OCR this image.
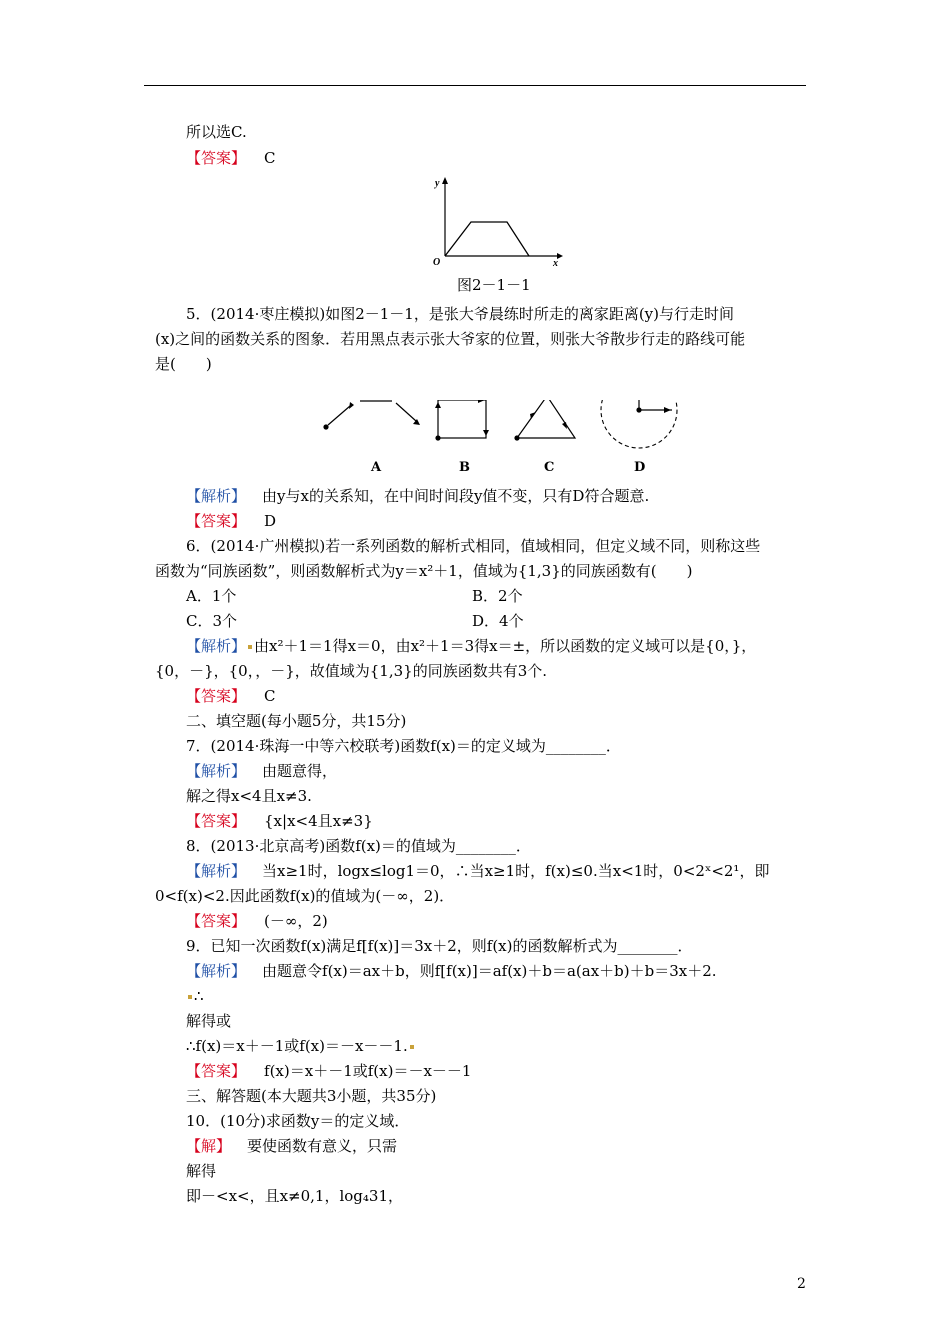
所以选C.
【答案】 C
y
x
O
图2－1－1
5．(2014·枣庄模拟)如图2－1－1，是张大爷晨练时所走的离家距离(y)与行走时间
(x)之间的函数关系的图象．若用黑点表示张大爷家的位置，则张大爷散步行走的路线可能
是(　　)
A	B	C	D
【解析】 由y与x的关系知，在中间时间段y值不变，只有D符合题意.
【答案】 D
6．(2014·广州模拟)若一系列函数的解析式相同，值域相同，但定义域不同，则称这些
函数为“同族函数”，则函数解析式为y＝x²＋1，值域为{1,3}的同族函数有(　　)
A．1个	B．2个
C．3个	D．4个
【解析】 由x²＋1＝1得x＝0，由x²＋1＝3得x＝±，所以函数的定义域可以是{0，}，
{0，－}，{0，，－}，故值域为{1,3}的同族函数共有3个.
【答案】 C
二、填空题(每小题5分，共15分)
7．(2014·珠海一中等六校联考)函数f(x)＝的定义域为________．
【解析】 由题意得，
解之得x<4且x≠3.
【答案】 {x|x<4且x≠3}
8．(2013·北京高考)函数f(x)＝的值域为________．
【解析】 当x≥1时，logx≤log1＝0，∴当x≥1时，f(x)≤0.当x<1时，0<2ˣ<2¹，即
0<f(x)<2.因此函数f(x)的值域为(－∞，2)．
【答案】 (－∞，2)
9．已知一次函数f(x)满足f[f(x)]＝3x＋2，则f(x)的函数解析式为________．
【解析】 由题意令f(x)＝ax＋b，则f[f(x)]＝af(x)＋b＝a(ax＋b)＋b＝3x＋2.
∴
解得或
∴f(x)＝x＋－1或f(x)＝－x－－1.
【答案】 f(x)＝x＋－1或f(x)＝－x－－1
三、解答题(本大题共3小题，共35分)
10．(10分)求函数y＝的定义域．
【解】 要使函数有意义，只需
解得
即－<x<，且x≠0,1，log₄31，
2
